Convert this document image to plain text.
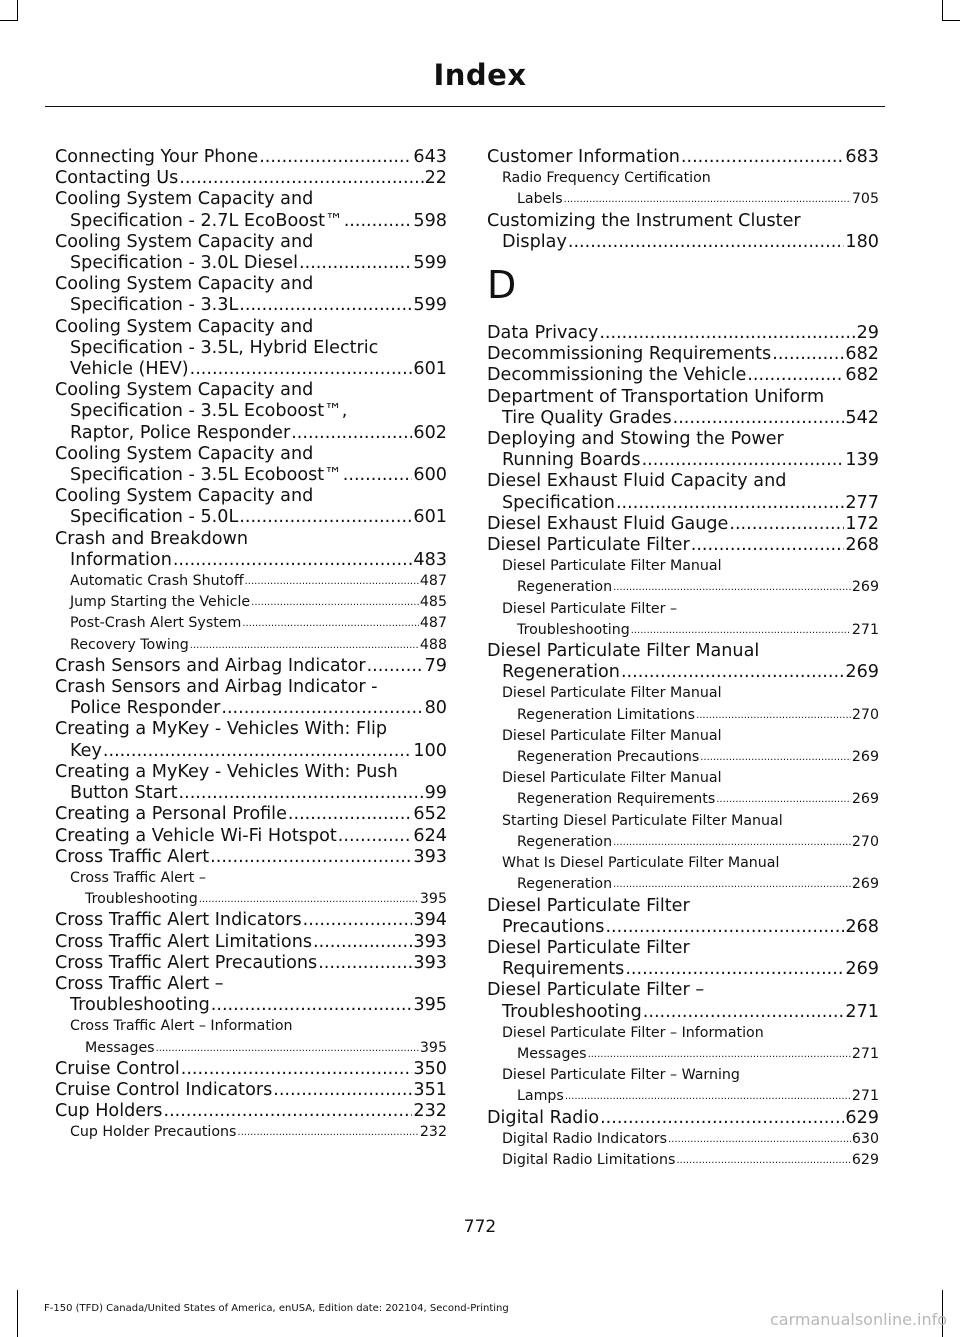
Index
Connecting Your Phone .....	643
Contacting Us .....	22
Cooling System Capacity and
Specification - 2.7L EcoBoost™ .....	598
Cooling System Capacity and
Specification - 3.0L Diesel .....	599
Cooling System Capacity and
Specification - 3.3L .....	599
Cooling System Capacity and
Specification - 3.5L, Hybrid Electric
Vehicle (HEV) .....	601
Cooling System Capacity and
Specification - 3.5L Ecoboost™,
Raptor, Police Responder .....	602
Cooling System Capacity and
Specification - 3.5L Ecoboost™ .....	600
Cooling System Capacity and
Specification - 5.0L .....	601
Crash and Breakdown
Information .....	483
Automatic Crash Shutoff .....	487
Jump Starting the Vehicle .....	485
Post-Crash Alert System .....	487
Recovery Towing .....	488
Crash Sensors and Airbag Indicator .....	79
Crash Sensors and Airbag Indicator -
Police Responder .....	80
Creating a MyKey - Vehicles With: Flip
Key .....	100
Creating a MyKey - Vehicles With: Push
Button Start .....	99
Creating a Personal Profile .....	652
Creating a Vehicle Wi-Fi Hotspot .....	624
Cross Traffic Alert .....	393
Cross Traffic Alert –
Troubleshooting .....	395
Cross Traffic Alert Indicators .....	394
Cross Traffic Alert Limitations .....	393
Cross Traffic Alert Precautions .....	393
Cross Traffic Alert –
Troubleshooting .....	395
Cross Traffic Alert – Information
Messages .....	395
Cruise Control .....	350
Cruise Control Indicators .....	351
Cup Holders .....	232
Cup Holder Precautions .....	232
Customer Information .....	683
Radio Frequency Certification
Labels .....	705
Customizing the Instrument Cluster
Display .....	180
D
Data Privacy .....	29
Decommissioning Requirements .....	682
Decommissioning the Vehicle .....	682
Department of Transportation Uniform
Tire Quality Grades .....	542
Deploying and Stowing the Power
Running Boards .....	139
Diesel Exhaust Fluid Capacity and
Specification .....	277
Diesel Exhaust Fluid Gauge .....	172
Diesel Particulate Filter .....	268
Diesel Particulate Filter Manual
Regeneration .....	269
Diesel Particulate Filter –
Troubleshooting .....	271
Diesel Particulate Filter Manual
Regeneration .....	269
Diesel Particulate Filter Manual
Regeneration Limitations .....	270
Diesel Particulate Filter Manual
Regeneration Precautions .....	269
Diesel Particulate Filter Manual
Regeneration Requirements .....	269
Starting Diesel Particulate Filter Manual
Regeneration .....	270
What Is Diesel Particulate Filter Manual
Regeneration .....	269
Diesel Particulate Filter
Precautions .....	268
Diesel Particulate Filter
Requirements .....	269
Diesel Particulate Filter –
Troubleshooting .....	271
Diesel Particulate Filter – Information
Messages .....	271
Diesel Particulate Filter – Warning
Lamps .....	271
Digital Radio .....	629
Digital Radio Indicators .....	630
Digital Radio Limitations .....	629
772
F-150 (TFD) Canada/United States of America, enUSA, Edition date: 202104, Second-Printing
carmanualsonline.info
